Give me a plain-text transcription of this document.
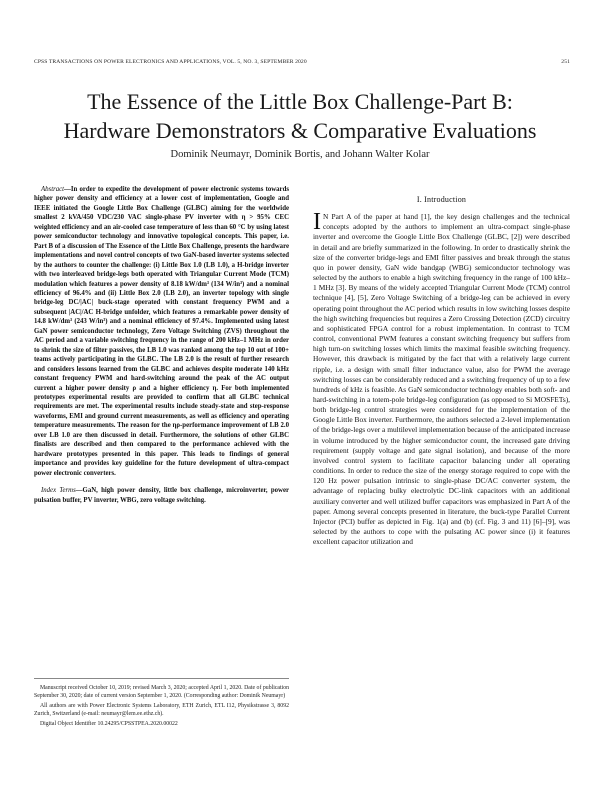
CPSS TRANSACTIONS ON POWER ELECTRONICS AND APPLICATIONS, VOL. 5, NO. 3, SEPTEMBER 2020	251
The Essence of the Little Box Challenge-Part B:
Hardware Demonstrators & Comparative Evaluations
Dominik Neumayr, Dominik Bortis, and Johann Walter Kolar

Abstract—In order to expedite the development of power electronic systems towards higher power density and efficiency at a lower cost of implementation, Google and IEEE initiated the Google Little Box Challenge (GLBC) aiming for the worldwide smallest 2 kVA/450 VDC/230 VAC single-phase PV inverter with η > 95% CEC weighted efficiency and an air-cooled case temperature of less than 60 °C by using latest power semiconductor technology and innovative topological concepts. This paper, i.e. Part B of a discussion of The Essence of the Little Box Challenge, presents the hardware implementations and novel control concepts of two GaN-based inverter systems selected by the authors to counter the challenge: (i) Little Box 1.0 (LB 1.0), a H-bridge inverter with two interleaved bridge-legs both operated with Triangular Current Mode (TCM) modulation which features a power density of 8.18 kW/dm³ (134 W/in³) and a nominal efficiency of 96.4% and (ii) Little Box 2.0 (LB 2.0), an inverter topology with single bridge-leg DC/|AC| buck-stage operated with constant frequency PWM and a subsequent |AC|/AC H-bridge unfolder, which features a remarkable power density of 14.8 kW/dm³ (243 W/in³) and a nominal efficiency of 97.4%. Implemented using latest GaN power semiconductor technology, Zero Voltage Switching (ZVS) throughout the AC period and a variable switching frequency in the range of 200 kHz–1 MHz in order to shrink the size of filter passives, the LB 1.0 was ranked among the top 10 out of 100+ teams actively participating in the GLBC. The LB 2.0 is the result of further research and considers lessons learned from the GLBC and achieves despite moderate 140 kHz constant frequency PWM and hard-switching around the peak of the AC output current a higher power density ρ and a higher efficiency η. For both implemented prototypes experimental results are provided to confirm that all GLBC technical requirements are met. The experimental results include steady-state and step-response waveforms, EMI and ground current measurements, as well as efficiency and operating temperature measurements. The reason for the ηρ-performance improvement of LB 2.0 over LB 1.0 are then discussed in detail. Furthermore, the solutions of other GLBC finalists are described and then compared to the performance achieved with the hardware prototypes presented in this paper. This leads to findings of general importance and provides key guideline for the future development of ultra-compact power electronic converters.

Index Terms—GaN, high power density, little box challenge, microinverter, power pulsation buffer, PV inverter, WBG, zero voltage switching.

Manuscript received October 10, 2019; revised March 3, 2020; accepted April 1, 2020. Date of publication September 30, 2020; date of current version September 1, 2020. (Corresponding author: Dominik Neumayr)

All authors are with Power Electronic Systems Laboratory, ETH Zurich, ETL I12, Physikstrasse 3, 8092 Zurich, Switzerland (e-mail: neumayr@lem.ee.ethz.ch).

Digital Object Identifier 10.24295/CPSSTPEA.2020.00022

I. Introduction

I N Part A of the paper at hand [1], the key design challenges and the technical concepts adopted by the authors to implement an ultra-compact single-phase inverter and overcome the Google Little Box Challenge (GLBC, [2]) were described in detail and are briefly summarized in the following. In order to drastically shrink the size of the converter bridge-legs and EMI filter passives and break through the status quo in power density, GaN wide bandgap (WBG) semiconductor technology was selected by the authors to enable a high switching frequency in the range of 100 kHz–1 MHz [3]. By means of the widely accepted Triangular Current Mode (TCM) control technique [4], [5], Zero Voltage Switching of a bridge-leg can be achieved in every operating point throughout the AC period which results in low switching losses despite the high switching frequencies but requires a Zero Crossing Detection (ZCD) circuitry and sophisticated FPGA control for a robust implementation. In contrast to TCM control, conventional PWM features a constant switching frequency but suffers from high turn-on switching losses which limits the maximal feasible switching frequency. However, this drawback is mitigated by the fact that with a relatively large current ripple, i.e. a design with small filter inductance value, also for PWM the average switching losses can be considerably reduced and a switching frequency of up to a few hundreds of kHz is feasible. As GaN semiconductor technology enables both soft- and hard-switching in a totem-pole bridge-leg configuration (as opposed to Si MOSFETs), both bridge-leg control strategies were considered for the implementation of the Google Little Box inverter. Furthermore, the authors selected a 2-level implementation of the bridge-legs over a multilevel implementation because of the anticipated increase in volume introduced by the higher semiconductor count, the increased gate driving requirement (supply voltage and gate signal isolation), and because of the more involved control system to facilitate capacitor balancing under all operating conditions. In order to reduce the size of the energy storage required to cope with the 120 Hz power pulsation intrinsic to single-phase DC/AC converter system, the advantage of replacing bulky electrolytic DC-link capacitors with an additional auxiliary converter and well utilized buffer capacitors was emphasized in Part A of the paper. Among several concepts presented in literature, the buck-type Parallel Current Injector (PCI) buffer as depicted in Fig. 1(a) and (b) (cf. Fig. 3 and 11) [6]–[9], was selected by the authors to cope with the pulsating AC power since (i) it features excellent capacitor utilization and
